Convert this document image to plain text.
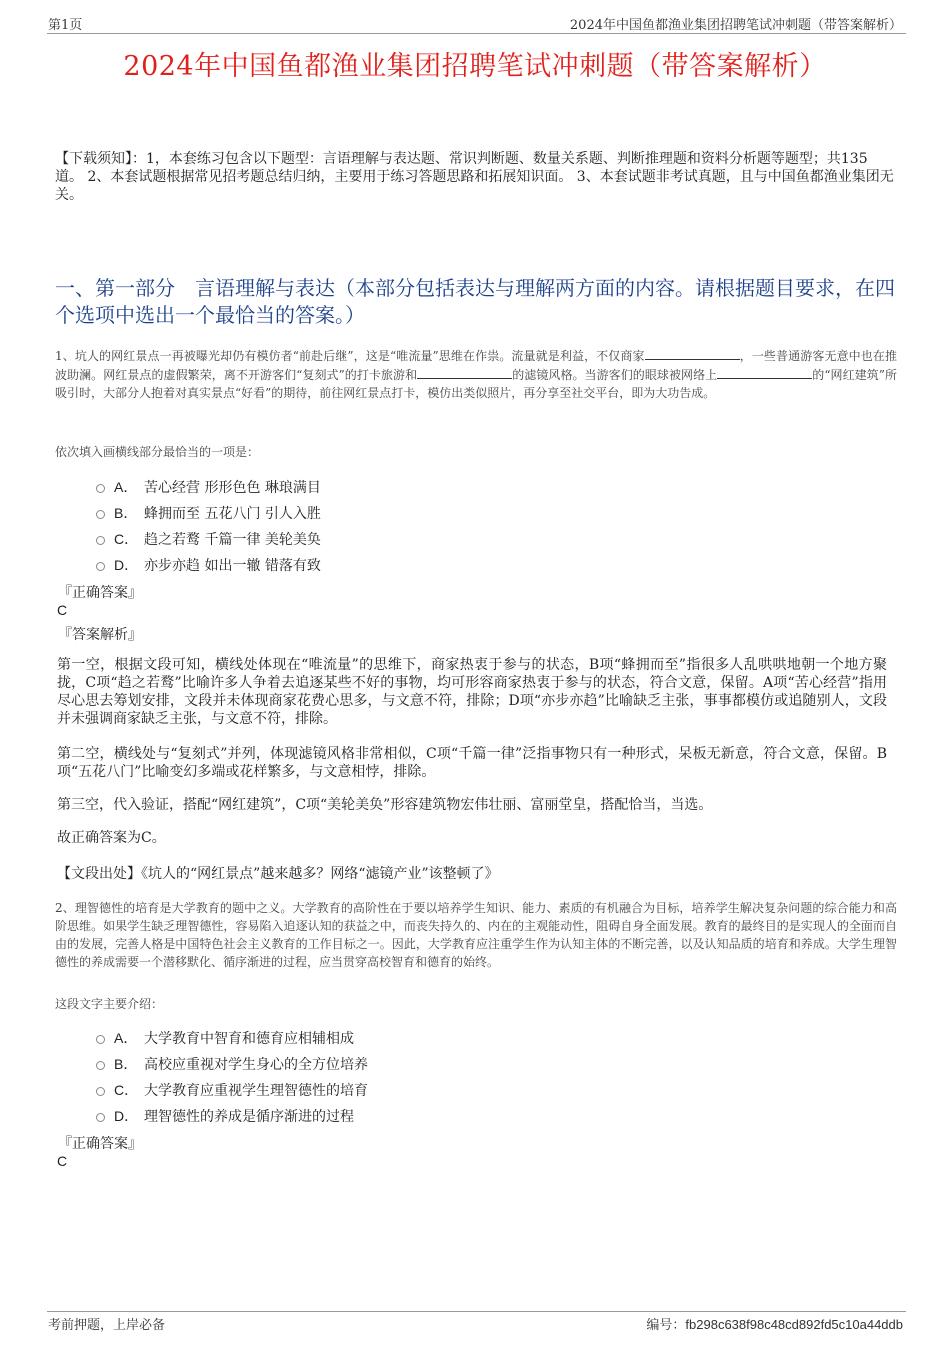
第1页	2024年中国鱼都渔业集团招聘笔试冲刺题（带答案解析）
2024年中国鱼都渔业集团招聘笔试冲刺题（带答案解析）
【下载须知】：1，本套练习包含以下题型：言语理解与表达题、常识判断题、数量关系题、判断推理题和资料分析题等题型；共135道。 2、本套试题根据常见招考题总结归纳，主要用于练习答题思路和拓展知识面。 3、本套试题非考试真题，且与中国鱼都渔业集团无关。
一、第一部分　言语理解与表达（本部分包括表达与理解两方面的内容。请根据题目要求，在四个选项中选出一个最恰当的答案。）
1、坑人的网红景点一再被曝光却仍有模仿者“前赴后继”，这是“唯流量”思维在作祟。流量就是利益，不仅商家	，一些普通游客无意中也在推波助澜。网红景点的虚假繁荣，离不开游客们“复刻式”的打卡旅游和	的滤镜风格。当游客们的眼球被网络上	的“网红建筑”所吸引时，大部分人抱着对真实景点“好看”的期待，前往网红景点打卡，模仿出类似照片，再分享至社交平台，即为大功告成。
依次填入画横线部分最恰当的一项是：
A． 苦心经营 形形色色 琳琅满目
B． 蜂拥而至 五花八门 引人入胜
C． 趋之若鹜 千篇一律 美轮美奂
D． 亦步亦趋 如出一辙 错落有致
『正确答案』
C
『答案解析』
第一空，根据文段可知，横线处体现在“唯流量”的思维下，商家热衷于参与的状态，B项“蜂拥而至”指很多人乱哄哄地朝一个地方聚拢，C项“趋之若鹜”比喻许多人争着去追逐某些不好的事物，均可形容商家热衷于参与的状态，符合文意，保留。A项“苦心经营”指用尽心思去筹划安排，文段并未体现商家花费心思多，与文意不符，排除；D项“亦步亦趋”比喻缺乏主张，事事都模仿或追随别人，文段并未强调商家缺乏主张，与文意不符，排除。
第二空，横线处与“复刻式”并列，体现滤镜风格非常相似，C项“千篇一律”泛指事物只有一种形式，呆板无新意，符合文意，保留。B项“五花八门”比喻变幻多端或花样繁多，与文意相悖，排除。
第三空，代入验证，搭配“网红建筑”，C项“美轮美奂”形容建筑物宏伟壮丽、富丽堂皇，搭配恰当，当选。
故正确答案为C。
【文段出处】《坑人的“网红景点”越来越多？网络“滤镜产业”该整顿了》
2、理智德性的培育是大学教育的题中之义。大学教育的高阶性在于要以培养学生知识、能力、素质的有机融合为目标，培养学生解决复杂问题的综合能力和高阶思维。如果学生缺乏理智德性，容易陷入追逐认知的获益之中，而丧失持久的、内在的主观能动性，阻碍自身全面发展。教育的最终目的是实现人的全面而自由的发展，完善人格是中国特色社会主义教育的工作目标之一。因此，大学教育应注重学生作为认知主体的不断完善，以及认知品质的培育和养成。大学生理智德性的养成需要一个潜移默化、循序渐进的过程，应当贯穿高校智育和德育的始终。
这段文字主要介绍：
A． 大学教育中智育和德育应相辅相成
B． 高校应重视对学生身心的全方位培养
C． 大学教育应重视学生理智德性的培育
D． 理智德性的养成是循序渐进的过程
『正确答案』
C
考前押题，上岸必备	编号：fb298c638f98c48cd892fd5c10a44ddb
